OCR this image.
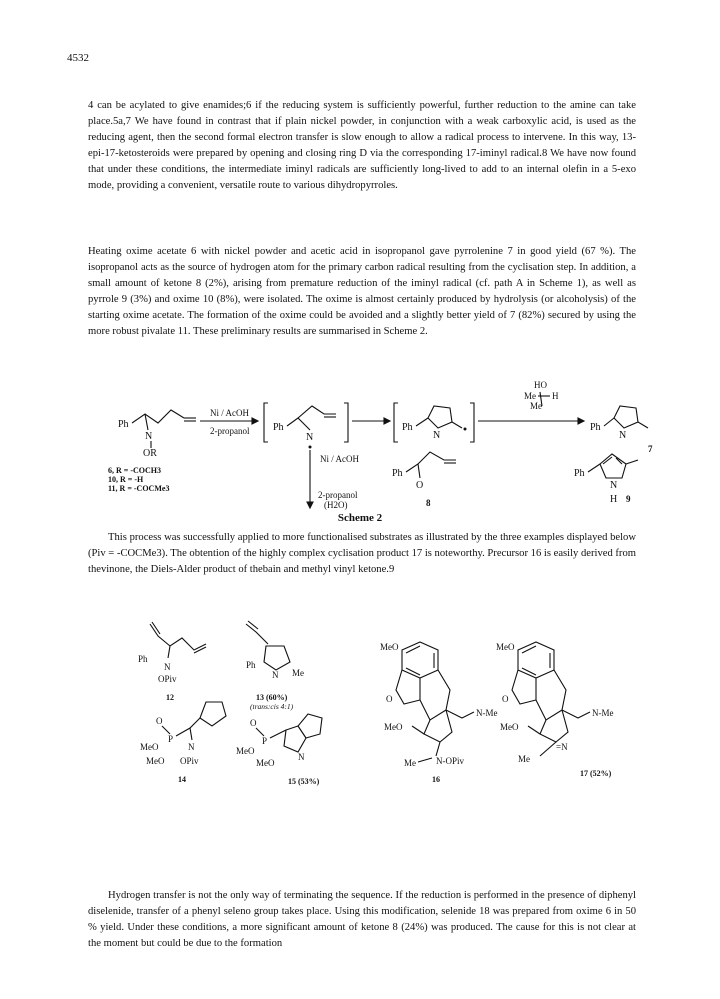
4532

4 can be acylated to give enamides;6 if the reducing system is sufficiently powerful, further reduction to the amine can take place.5a,7 We have found in contrast that if plain nickel powder, in conjunction with a weak carboxylic acid, is used as the reducing agent, then the second formal electron transfer is slow enough to allow a radical process to intervene. In this way, 13-epi-17-ketosteroids were prepared by opening and closing ring D via the corresponding 17-iminyl radical.8 We have now found that under these conditions, the intermediate iminyl radicals are sufficiently long-lived to add to an internal olefin in a 5-exo mode, providing a convenient, versatile route to various dihydropyrroles.

Heating oxime acetate 6 with nickel powder and acetic acid in isopropanol gave pyrrolenine 7 in good yield (67 %). The isopropanol acts as the source of hydrogen atom for the primary carbon radical resulting from the cyclisation step. In addition, a small amount of ketone 8 (2%), arising from premature reduction of the iminyl radical (cf. path A in Scheme 1), as well as pyrrole 9 (3%) and oxime 10 (8%), were isolated. The oxime is almost certainly produced by hydrolysis (or alcoholysis) of the starting oxime acetate. The formation of the oxime could be avoided and a slightly better yield of 7 (82%) secured by using the more robust pivalate 11. These preliminary results are summarised in Scheme 2.

Ph
N
OR
6, R = -COCH3
10, R = -H
11, R = -COCMe3
Ni / AcOH
2-propanol Ph
N
Ph
N
HO
Me H
Me
Ph
N
7
Ni / AcOH
2-propanol
(H2O)
Ph
O
8
Ph
N
H 9
Scheme 2

This process was successfully applied to more functionalised substrates as illustrated by the three examples displayed below (Piv = -COCMe3). The obtention of the highly complex cyclisation product 17 is noteworthy. Precursor 16 is easily derived from thevinone, the Diels-Alder product of thebain and methyl vinyl ketone.9

Ph
N
OPiv
12
Ph
N Me
13 (60%)
(trans:cis 4:1)
O
P
N
MeO
MeO OPiv
14
O
P
N
MeO
MeO
15 (53%)
MeO
O
N-Me
MeO
Me N-OPiv
16
MeO
O
N-Me
MeO
Me
=N
17 (52%)

Hydrogen transfer is not the only way of terminating the sequence. If the reduction is performed in the presence of diphenyl diselenide, transfer of a phenyl seleno group takes place. Using this modification, selenide 18 was prepared from oxime 6 in 50 % yield. Under these conditions, a more significant amount of ketone 8 (24%) was produced. The cause for this is not clear at the moment but could be due to the formation
